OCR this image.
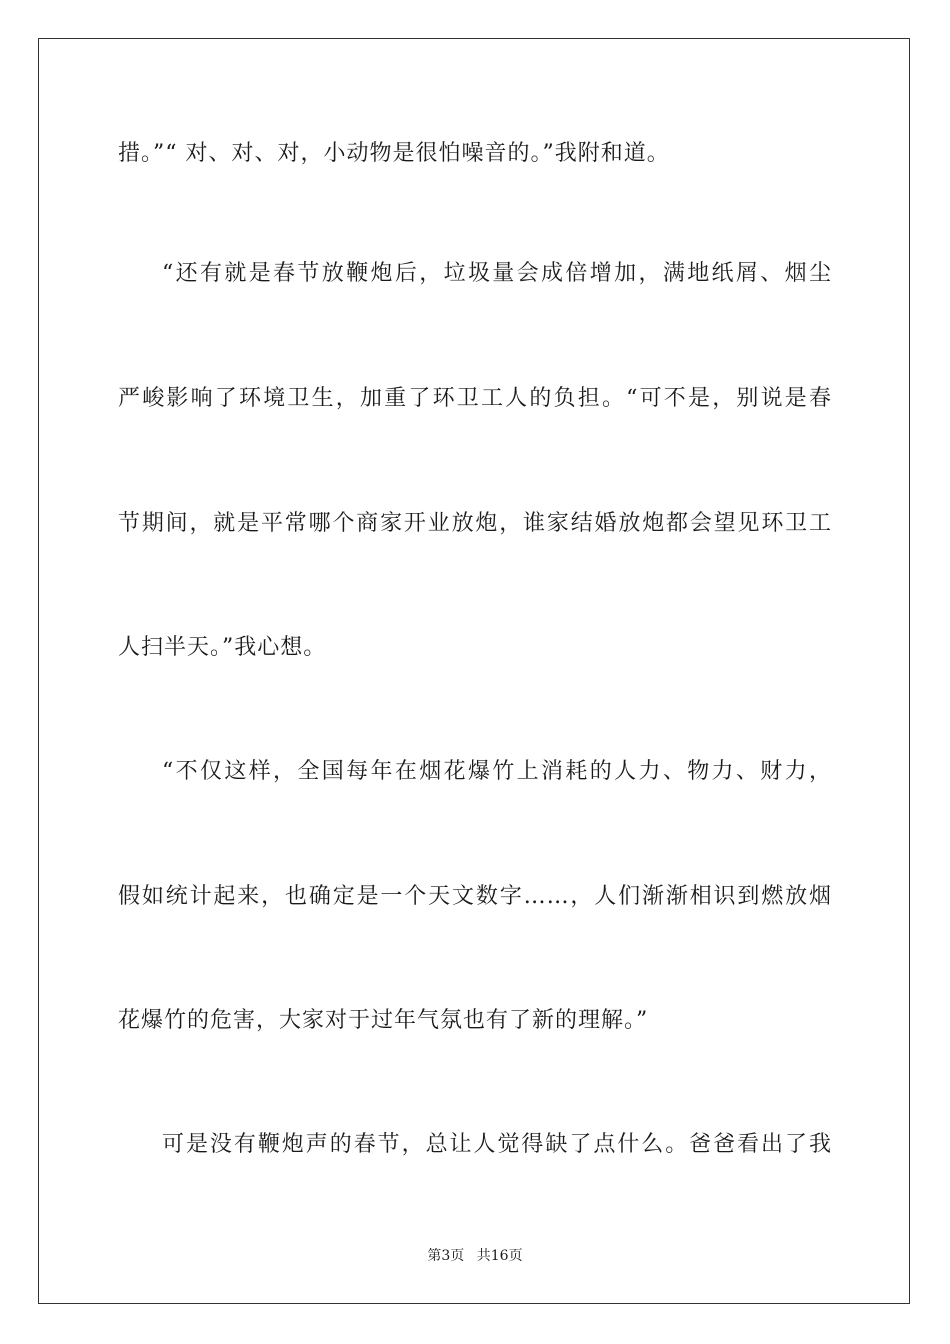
措。”“ 对、对、对，小动物是很怕噪音的。”我附和道。
“还有就是春节放鞭炮后，垃圾量会成倍增加，满地纸屑、烟尘
严峻影响了环境卫生，加重了环卫工人的负担。“可不是，别说是春
节期间，就是平常哪个商家开业放炮，谁家结婚放炮都会望见环卫工
人扫半天。”我心想。
“不仅这样，全国每年在烟花爆竹上消耗的人力、物力、财力，
假如统计起来，也确定是一个天文数字……，人们渐渐相识到燃放烟
花爆竹的危害，大家对于过年气氛也有了新的理解。”
可是没有鞭炮声的春节，总让人觉得缺了点什么。爸爸看出了我
第3页 共16页
